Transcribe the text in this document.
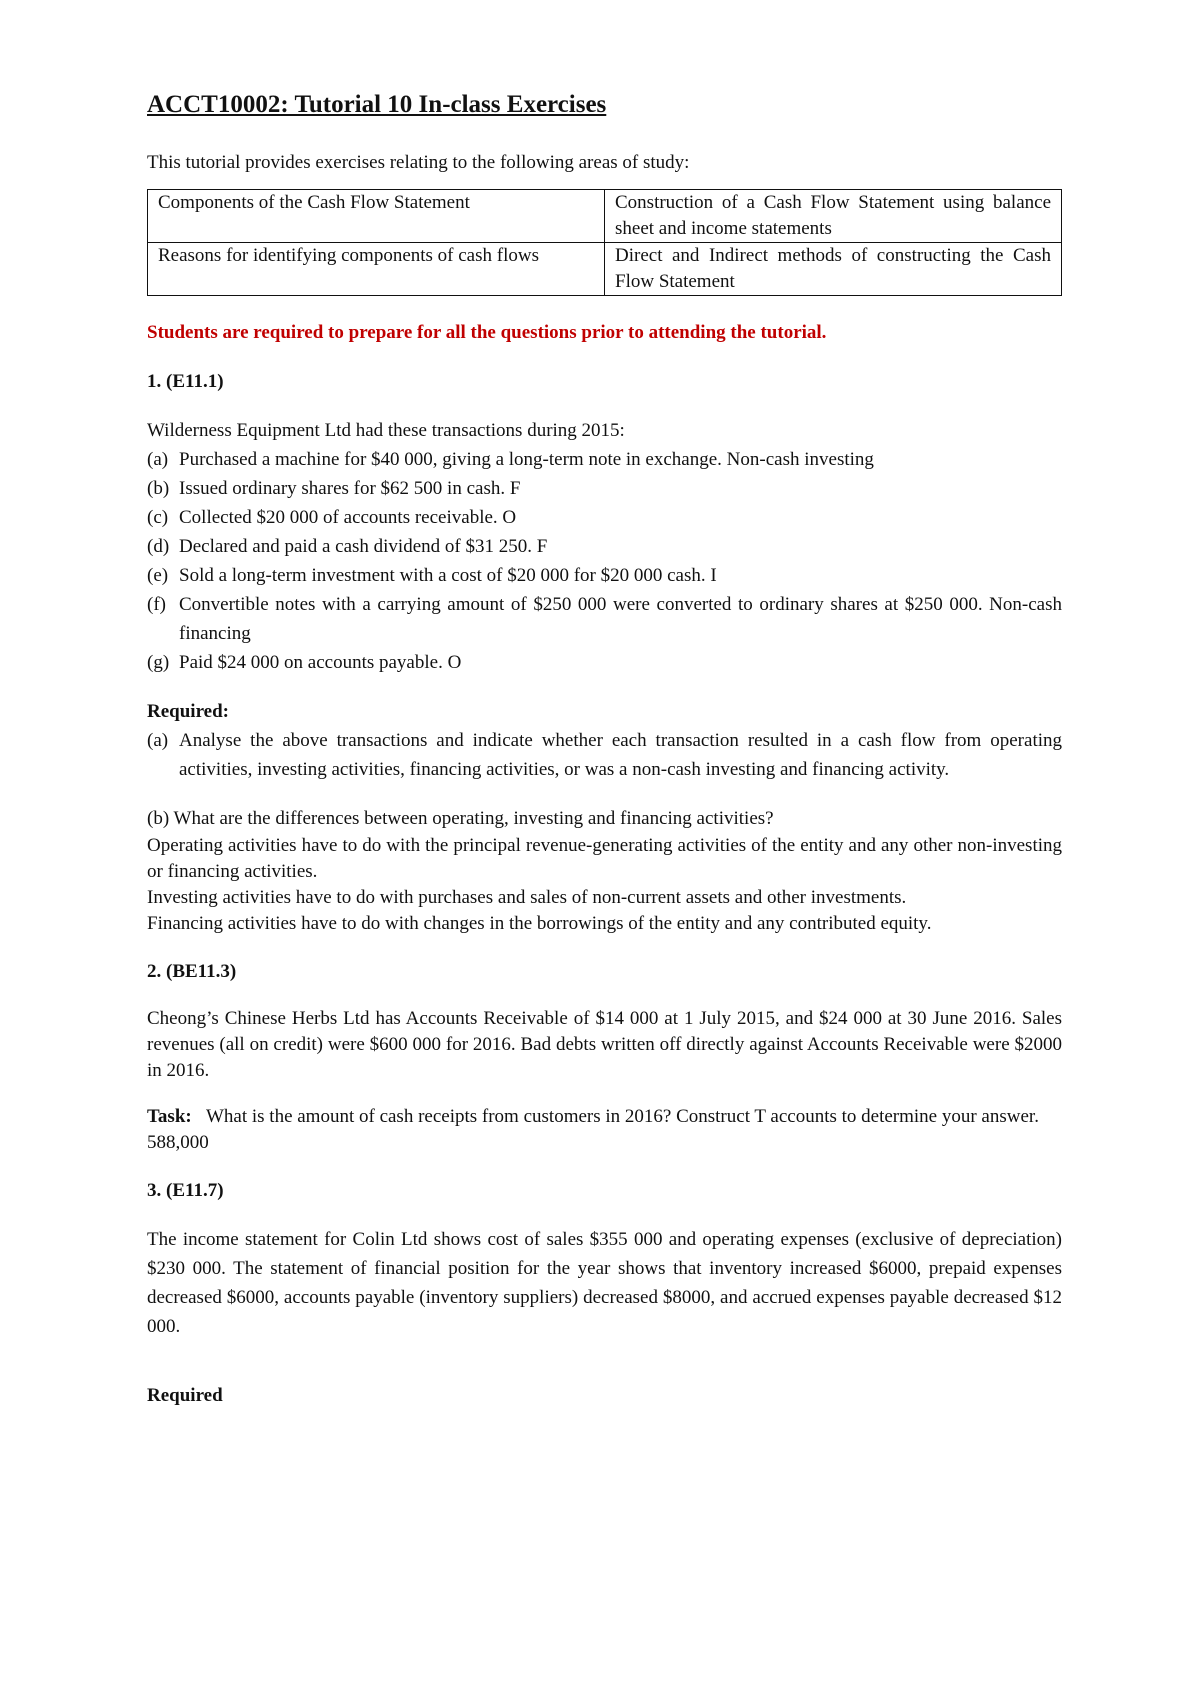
ACCT10002: Tutorial 10 In-class Exercises

This tutorial provides exercises relating to the following areas of study:

Components of the Cash Flow Statement	Construction of a Cash Flow Statement using balance sheet and income statements
Reasons for identifying components of cash flows	Direct and Indirect methods of constructing the Cash Flow Statement

Students are required to prepare for all the questions prior to attending the tutorial.

1. (E11.1)

Wilderness Equipment Ltd had these transactions during 2015:

(a) Purchased a machine for $40 000, giving a long-term note in exchange. Non-cash investing
(b) Issued ordinary shares for $62 500 in cash. F
(c) Collected $20 000 of accounts receivable. O
(d) Declared and paid a cash dividend of $31 250. F
(e) Sold a long-term investment with a cost of $20 000 for $20 000 cash. I
(f) Convertible notes with a carrying amount of $250 000 were converted to ordinary shares at $250 000. Non-cash financing
(g) Paid $24 000 on accounts payable. O

Required:

(a) Analyse the above transactions and indicate whether each transaction resulted in a cash flow from operating activities, investing activities, financing activities, or was a non-cash investing and financing activity.

(b) What are the differences between operating, investing and financing activities?

Operating activities have to do with the principal revenue-generating activities of the entity and any other non-investing or financing activities.

Investing activities have to do with purchases and sales of non-current assets and other investments.

Financing activities have to do with changes in the borrowings of the entity and any contributed equity.

2. (BE11.3)

Cheong’s Chinese Herbs Ltd has Accounts Receivable of $14 000 at 1 July 2015, and $24 000 at 30 June 2016. Sales revenues (all on credit) were $600 000 for 2016. Bad debts written off directly against Accounts Receivable were $2000 in 2016.

Task: What is the amount of cash receipts from customers in 2016? Construct T accounts to determine your answer.

588,000

3. (E11.7)

The income statement for Colin Ltd shows cost of sales $355 000 and operating expenses (exclusive of depreciation) $230 000. The statement of financial position for the year shows that inventory increased $6000, prepaid expenses decreased $6000, accounts payable (inventory suppliers) decreased $8000, and accrued expenses payable decreased $12 000.

Required
